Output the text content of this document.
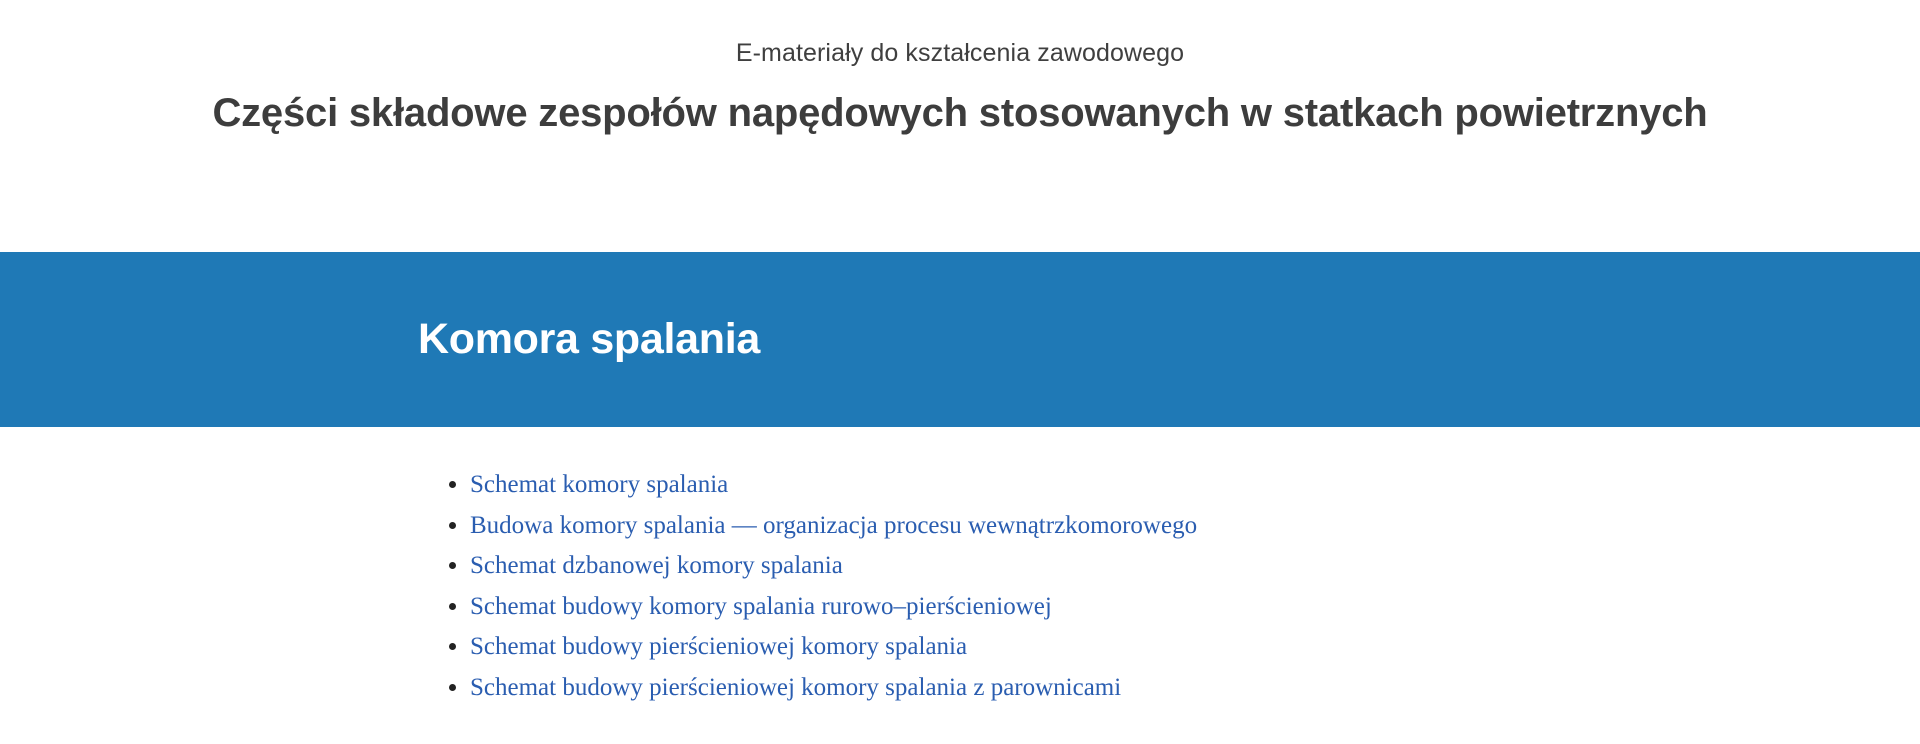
E-materiały do kształcenia zawodowego
Części składowe zespołów napędowych stosowanych w statkach powietrznych
Komora spalania
• Schemat komory spalania
• Budowa komory spalania — organizacja procesu wewnątrzkomorowego
• Schemat dzbanowej komory spalania
• Schemat budowy komory spalania rurowo–pierścieniowej
• Schemat budowy pierścieniowej komory spalania
• Schemat budowy pierścieniowej komory spalania z parownicami
